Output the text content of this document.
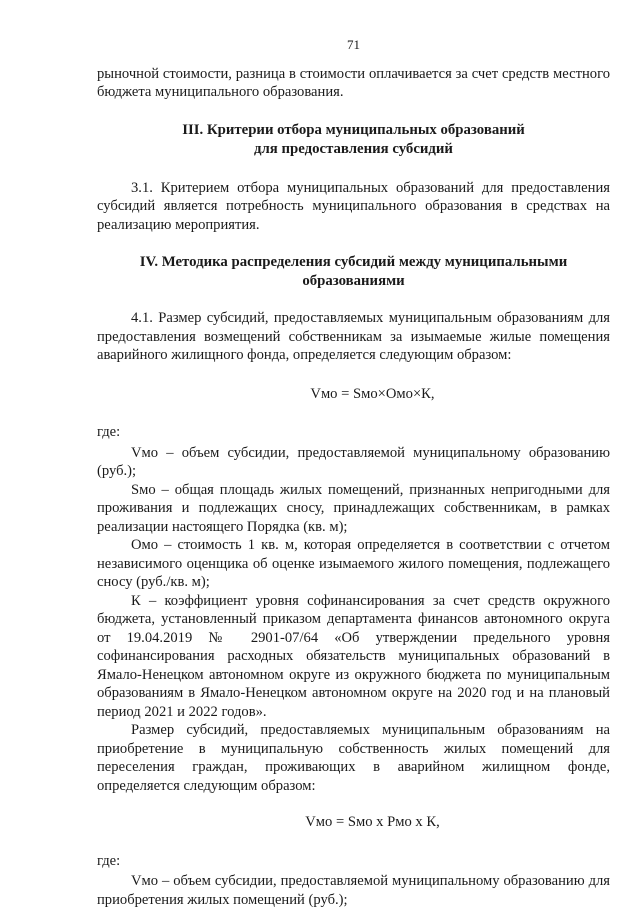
71

рыночной стоимости, разница в стоимости оплачивается за счет средств местного бюджета муниципального образования.

III. Критерии отбора муниципальных образований
для предоставления субсидий

3.1. Критерием отбора муниципальных образований для предоставления субсидий является потребность муниципального образования в средствах на реализацию мероприятия.

IV. Методика распределения субсидий между муниципальными
образованиями

4.1. Размер субсидий, предоставляемых муниципальным образованиям для предоставления возмещений собственникам за изымаемые жилые помещения аварийного жилищного фонда, определяется следующим образом:

Vмо = Sмо×Омо×К,

где:

Vмо – объем субсидии, предоставляемой муниципальному образованию (руб.);

Sмо – общая площадь жилых помещений, признанных непригодными для проживания и подлежащих сносу, принадлежащих собственникам, в рамках реализации настоящего Порядка (кв. м);

Омо – стоимость 1 кв. м, которая определяется в соответствии с отчетом независимого оценщика об оценке изымаемого жилого помещения, подлежащего сносу (руб./кв. м);

К – коэффициент уровня софинансирования за счет средств окружного бюджета, установленный приказом департамента финансов автономного округа от 19.04.2019 № 2901-07/64 «Об утверждении предельного уровня софинансирования расходных обязательств муниципальных образований в Ямало-Ненецком автономном округе из окружного бюджета по муниципальным образованиям в Ямало-Ненецком автономном округе на 2020 год и на плановый период 2021 и 2022 годов».

Размер субсидий, предоставляемых муниципальным образованиям на приобретение в муниципальную собственность жилых помещений для переселения граждан, проживающих в аварийном жилищном фонде, определяется следующим образом:

Vмо = Sмо х Рмо х К,

где:

Vмо – объем субсидии, предоставляемой муниципальному образованию для приобретения жилых помещений (руб.);
